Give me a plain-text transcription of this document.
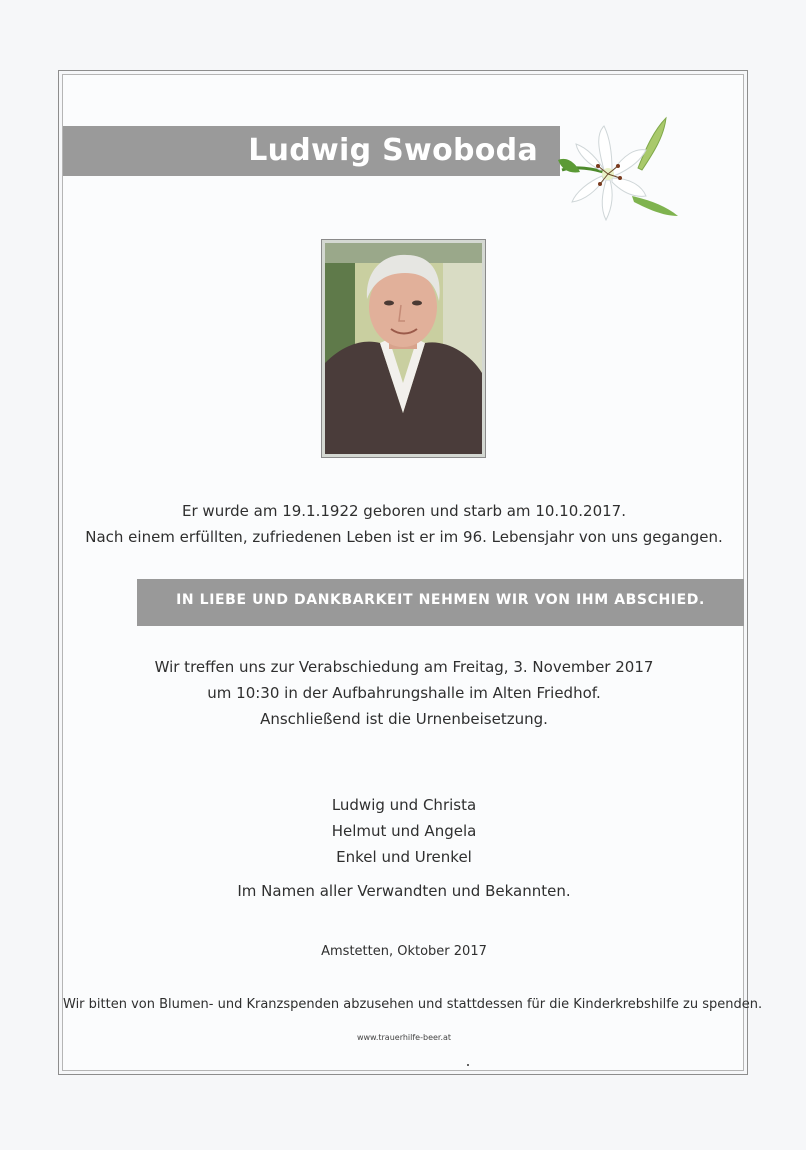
Ludwig Swoboda
Er wurde am 19.1.1922 geboren und starb am 10.10.2017.
Nach einem erfüllten, zufriedenen Leben ist er im 96. Lebensjahr von uns gegangen.
IN LIEBE UND DANKBARKEIT NEHMEN WIR VON IHM ABSCHIED.
Wir treffen uns zur Verabschiedung am Freitag, 3. November 2017
um 10:30 in der Aufbahrungshalle im Alten Friedhof.
Anschließend ist die Urnenbeisetzung.
Ludwig und Christa
Helmut und Angela
Enkel und Urenkel
Im Namen aller Verwandten und Bekannten.
Amstetten, Oktober 2017
Wir bitten von Blumen- und Kranzspenden abzusehen und stattdessen für die Kinderkrebshilfe zu spenden.
www.trauerhilfe-beer.at
